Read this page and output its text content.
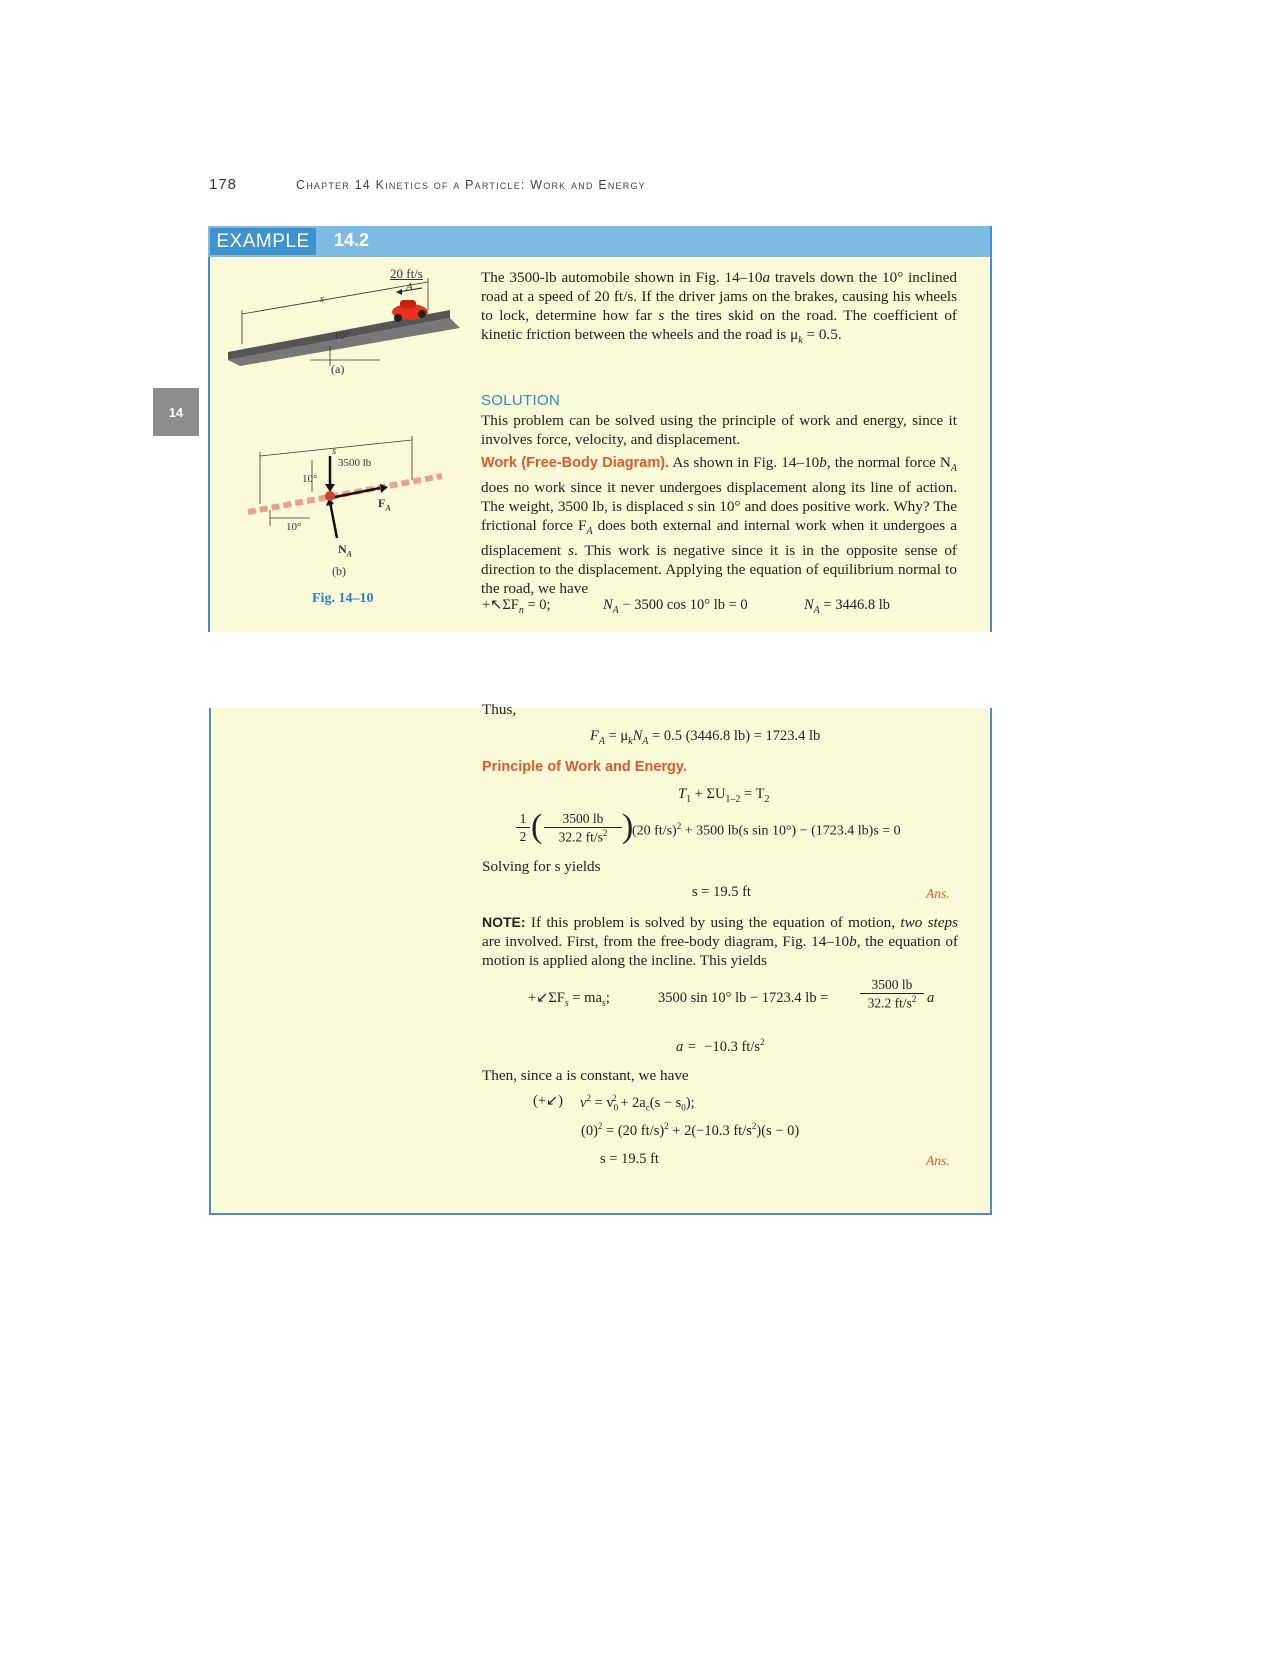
178	Chapter 14 Kinetics of a Particle: Work and Energy
14
EXAMPLE	14.2
20 ft/s
A
s
10°
(a)
s
3500 lb
10°
10°
$F_A$
$N_A$
(b)
Fig. 14–10
The 3500-lb automobile shown in Fig. 14–10a travels down the 10° inclined road at a speed of 20 ft/s. If the driver jams on the brakes, causing his wheels to lock, determine how far s the tires skid on the road. The coefficient of kinetic friction between the wheels and the road is $\mu_k = 0.5$.
SOLUTION
This problem can be solved using the principle of work and energy, since it involves force, velocity, and displacement.
Work (Free-Body Diagram). As shown in Fig. 14–10b, the normal force $N_A$ does no work since it never undergoes displacement along its line of action. The weight, 3500 lb, is displaced s sin 10° and does positive work. Why? The frictional force $F_A$ does both external and internal work when it undergoes a displacement s. This work is negative since it is in the opposite sense of direction to the displacement. Applying the equation of equilibrium normal to the road, we have
$+↖\Sigma F_n = 0$;	$N_A - 3500$ cos 10° lb = 0	$N_A = 3446.8$ lb
Thus,
$F_A = \mu_kN_A = 0.5$ (3446.8 lb) = 1723.4 lb
Principle of Work and Energy.
$T_1 + \Sigma U_{1-2} = T_2$
$\frac{1}{2}$ ( $\frac{3500 lb}{32.2 ft/s^2}$ )
(20 ft/s)$^2$ + 3500 lb(s sin 10°) − (1723.4 lb)s = 0
Solving for s yields
s = 19.5 ft	Ans.
NOTE: If this problem is solved by using the equation of motion, two steps are involved. First, from the free-body diagram, Fig. 14–10b, the equation of motion is applied along the incline. This yields
$+↙\Sigma F_s = ma_s$;	3500 sin 10° lb − 1723.4 lb = $\frac{3500 lb}{32.2 ft/s^2}$ a
a = −10.3 $ft/s^2$
Then, since a is constant, we have
(+↙) $v^2 = v_0^2 + 2a_c(s - s_0)$;
$(0)^2 = (20$ ft/s)$^2$ + 2(−10.3 $ft/s^2)(s - 0)$
s = 19.5 ft	Ans.
